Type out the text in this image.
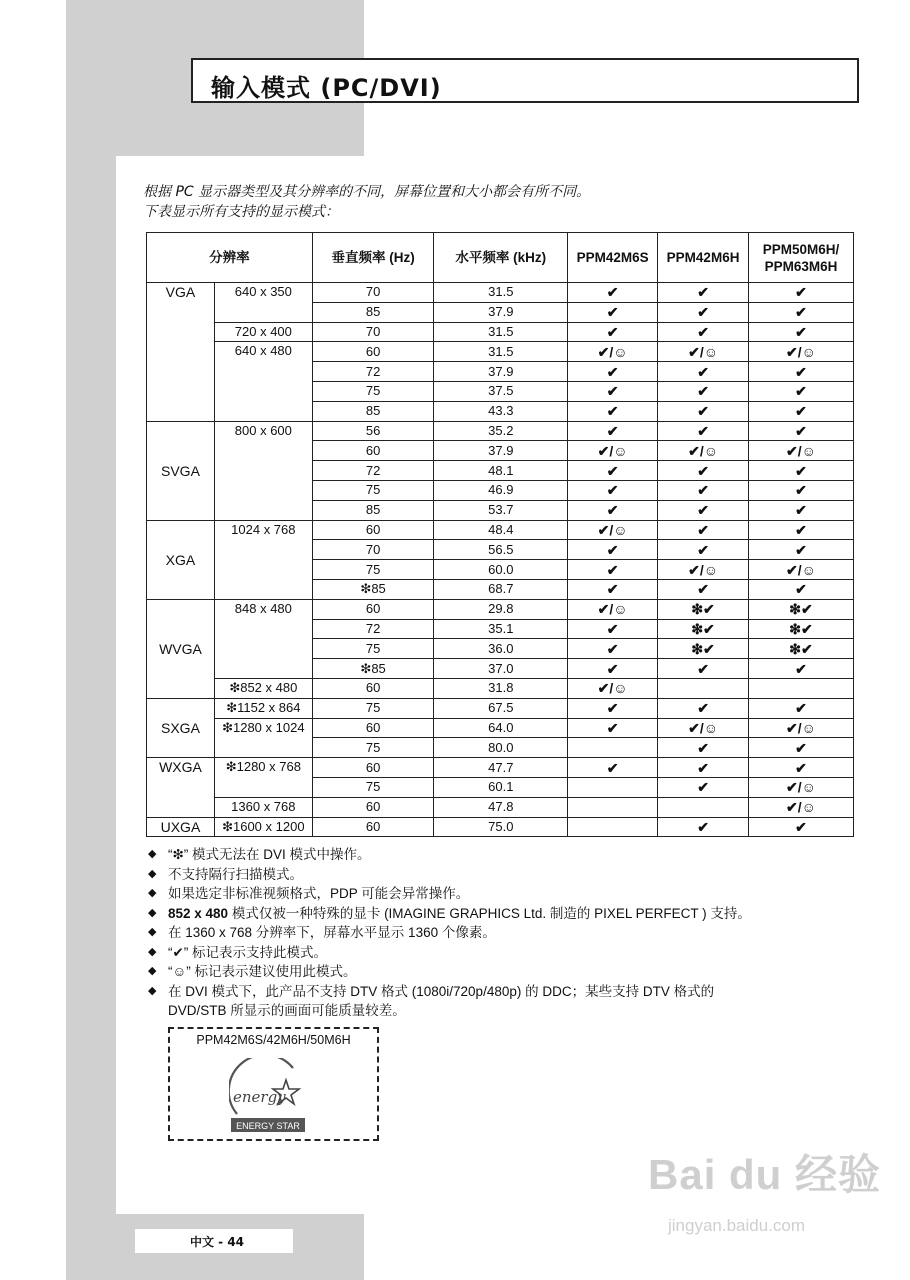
输入模式 (PC/DVI)
根据 PC 显示器类型及其分辨率的不同，屏幕位置和大小都会有所不同。
下表显示所有支持的显示模式：
分辨率		垂直频率 (Hz)	水平频率 (kHz)	PPM42M6S	PPM42M6H	PPM50M6H/
PPM63M6H
VGA	640 x 350	70	31.5	✔	✔	✔
		85	37.9	✔	✔	✔
	720 x 400	70	31.5	✔	✔	✔
	640 x 480	60	31.5	✔/☺	✔/☺	✔/☺
		72	37.9	✔	✔	✔
		75	37.5	✔	✔	✔
		85	43.3	✔	✔	✔
SVGA	800 x 600	56	35.2	✔	✔	✔
		60	37.9	✔/☺	✔/☺	✔/☺
		72	48.1	✔	✔	✔
		75	46.9	✔	✔	✔
		85	53.7	✔	✔	✔
XGA	1024 x 768	60	48.4	✔/☺	✔	✔
		70	56.5	✔	✔	✔
		75	60.0	✔	✔/☺	✔/☺
		❇85	68.7	✔	✔	✔
WVGA	848 x 480	60	29.8	✔/☺	❇✔	❇✔
		72	35.1	✔	❇✔	❇✔
		75	36.0	✔	❇✔	❇✔
		❇85	37.0	✔	✔	✔
	❇852 x 480	60	31.8	✔/☺		
SXGA	❇1152 x 864	75	67.5	✔	✔	✔
	❇1280 x 1024	60	64.0	✔	✔/☺	✔/☺
		75	80.0		✔	✔
WXGA	❇1280 x 768	60	47.7	✔	✔	✔
		75	60.1		✔	✔/☺
	1360 x 768	60	47.8			✔/☺
UXGA	❇1600 x 1200	60	75.0		✔	✔
◆ “❇” 模式无法在 DVI 模式中操作。
◆ 不支持隔行扫描模式。
◆ 如果选定非标准视频格式，PDP 可能会异常操作。
◆ 852 x 480 模式仅被一种特殊的显卡 (IMAGINE GRAPHICS Ltd. 制造的 PIXEL PERFECT ) 支持。
◆ 在 1360 x 768 分辨率下，屏幕水平显示 1360 个像素。
◆ “✔” 标记表示支持此模式。
◆ “☺” 标记表示建议使用此模式。
◆ 在 DVI 模式下，此产品不支持 DTV 格式 (1080i/720p/480p) 的 DDC；某些支持 DTV 格式的
DVD/STB 所显示的画面可能质量较差。
PPM42M6S/42M6H/50M6H
energy
ENERGY STAR
中文 - 44
Bai du 经验
jingyan.baidu.com
